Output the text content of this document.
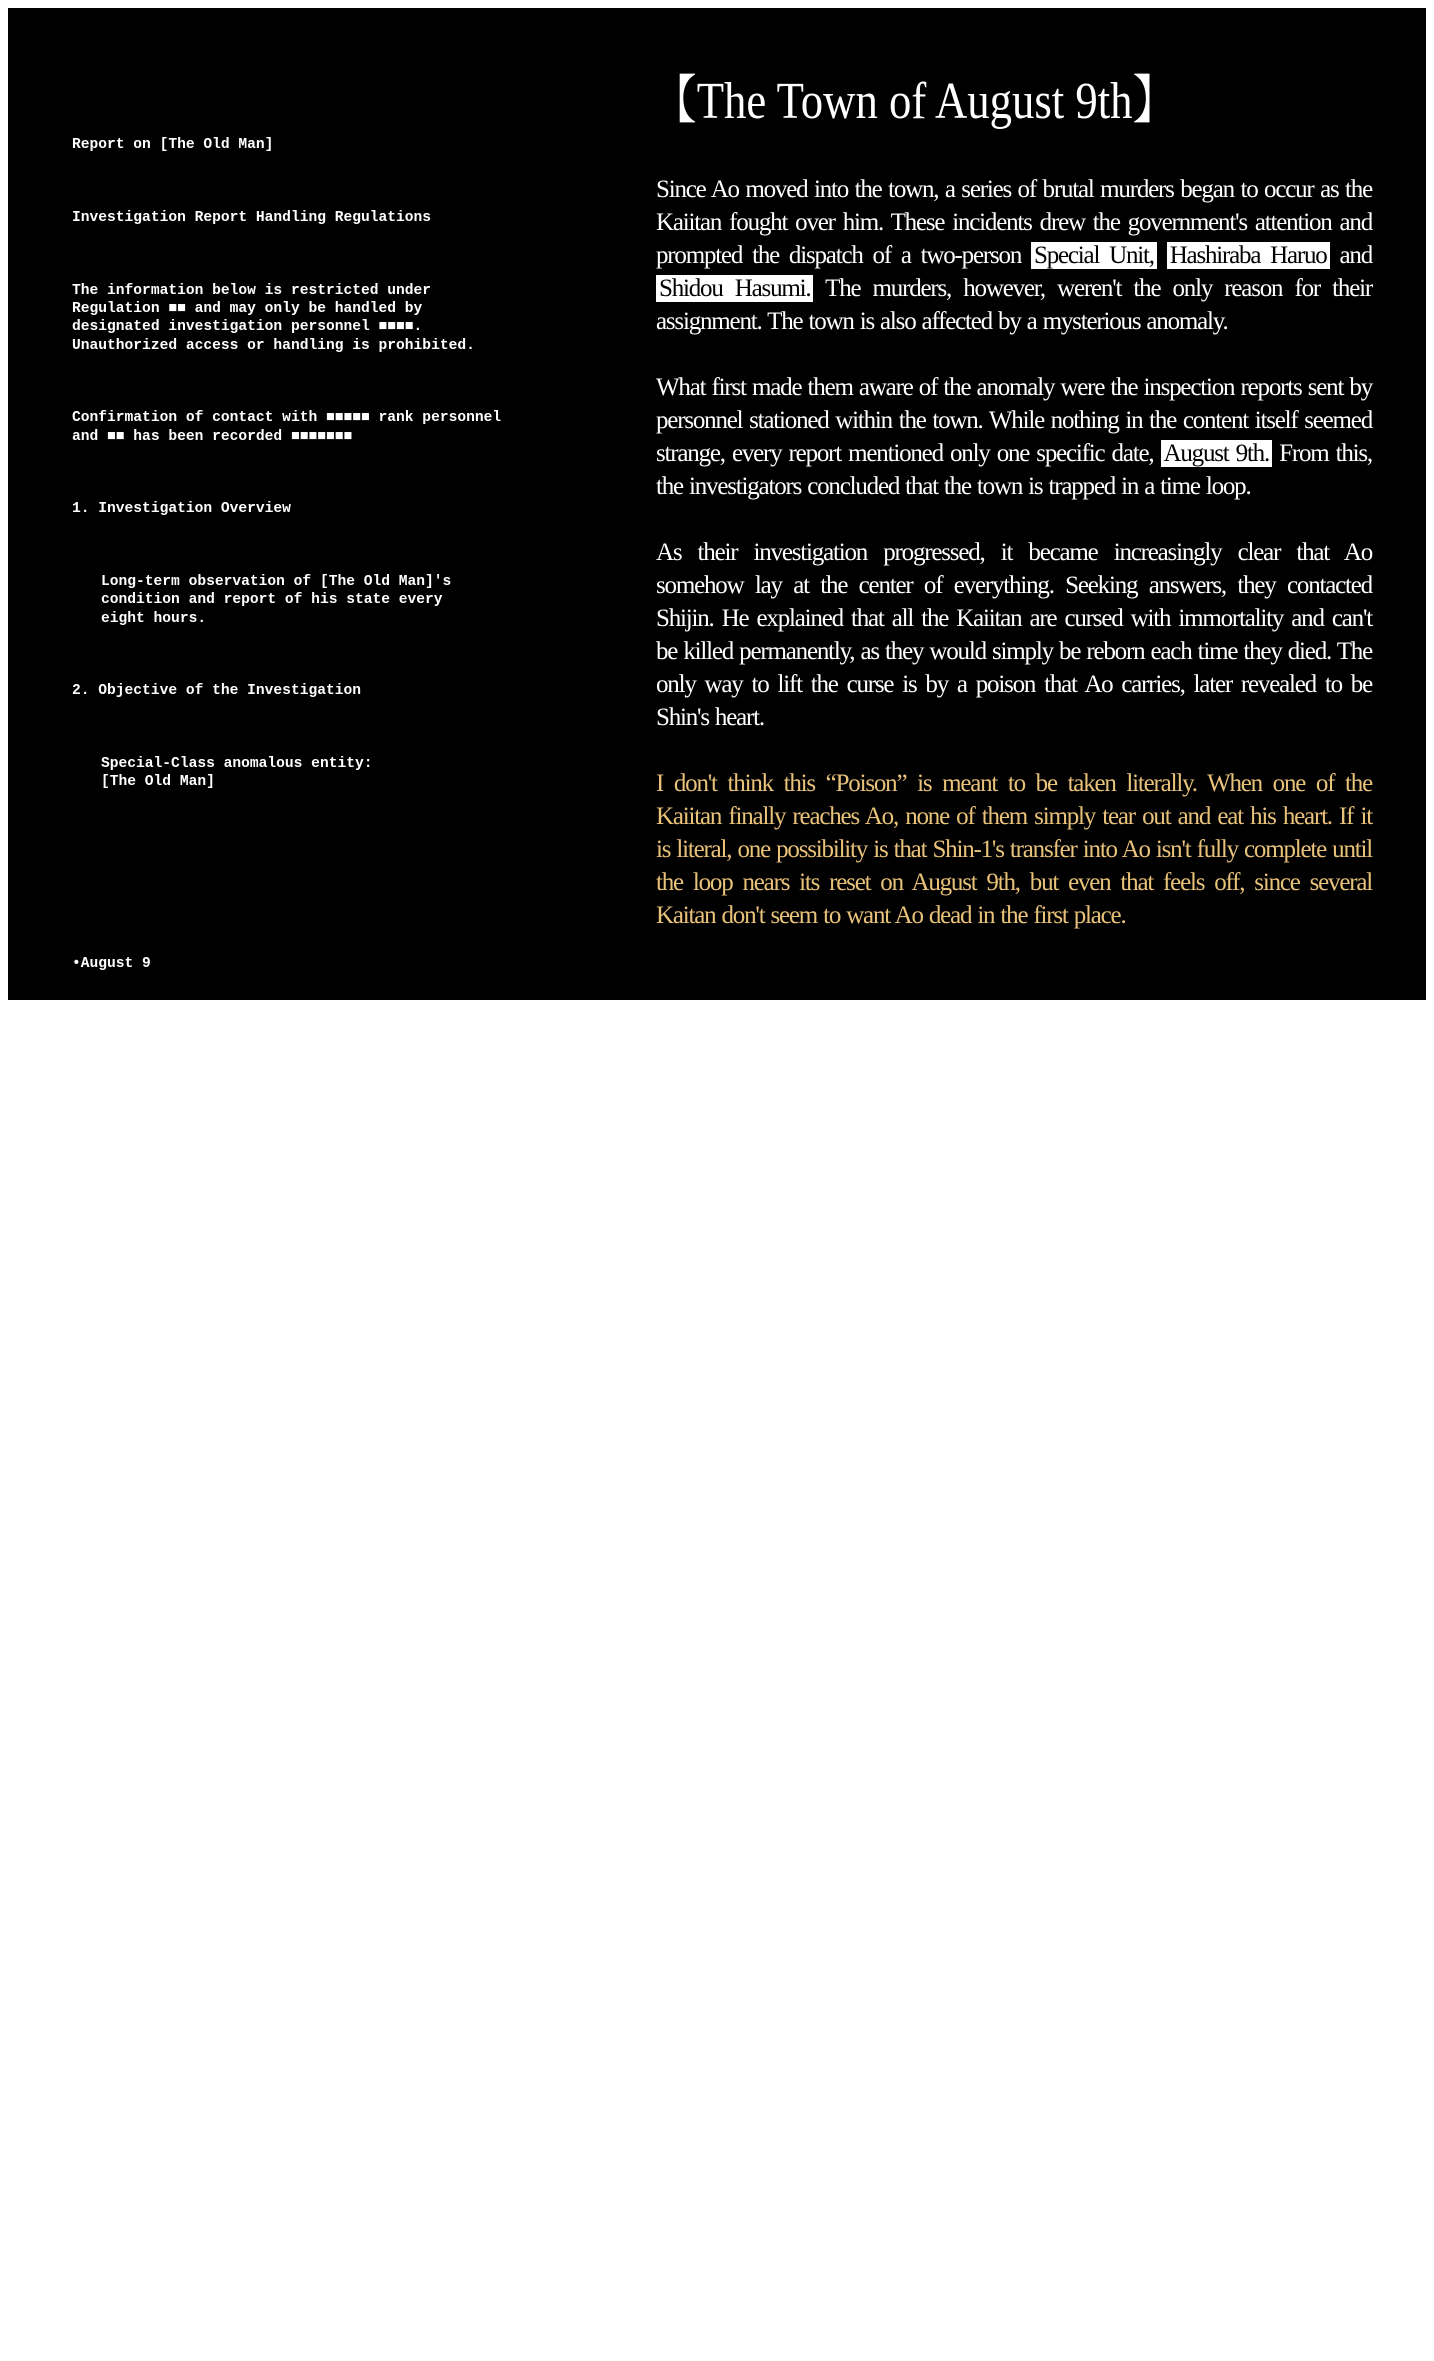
Report on [The Old Man]

Investigation Report Handling Regulations

The information below is restricted under
Regulation ■■ and may only be handled by
designated investigation personnel ■■■■.
Unauthorized access or handling is prohibited.

Confirmation of contact with ■■■■■ rank personnel
and ■■ has been recorded ■■■■■■■

1. Investigation Overview

Long-term observation of [The Old Man]'s
condition and report of his state every
eight hours.

2. Objective of the Investigation

Special-Class anomalous entity:
[The Old Man]

•August 9

No change in the [The Old Man]. No special note.

•August 9

No change in the [The Old Man]. No special note.

•August 9

No change in the [The Old Man]. No special note.

•August 9

No change in the [The Old Man]. No special note.

•August 9

■■ confirmed contact from ■■.■■■■■■■

•August 9

No change in the [The Old Man]. No special note.

•August 9

No change in the [The Old Man]. No special note.

【The Town of August 9th】

Since Ao moved into the town, a series of brutal murders began to occur as the Kaiitan fought over him. These incidents drew the government's attention and prompted the dispatch of a two-person Special Unit, Hashiraba Haruo and Shidou Hasumi. The murders, however, weren't the only reason for their assignment. The town is also affected by a mysterious anomaly.

What first made them aware of the anomaly were the inspection reports sent by personnel stationed within the town. While nothing in the content itself seemed strange, every report mentioned only one specific date, August 9th. From this, the investigators concluded that the town is trapped in a time loop.

As their investigation progressed, it became increasingly clear that Ao somehow lay at the center of everything. Seeking answers, they contacted Shijin. He explained that all the Kaiitan are cursed with immortality and can't be killed permanently, as they would simply be reborn each time they died. The only way to lift the curse is by a poison that Ao carries, later revealed to be Shin's heart.

I don't think this “Poison” is meant to be taken literally. When one of the Kaiitan finally reaches Ao, none of them simply tear out and eat his heart. If it is literal, one possibility is that Shin-1's transfer into Ao isn't fully complete until the loop nears its reset on August 9th, but even that feels off, since several Kaitan don't seem to want Ao dead in the first place.
